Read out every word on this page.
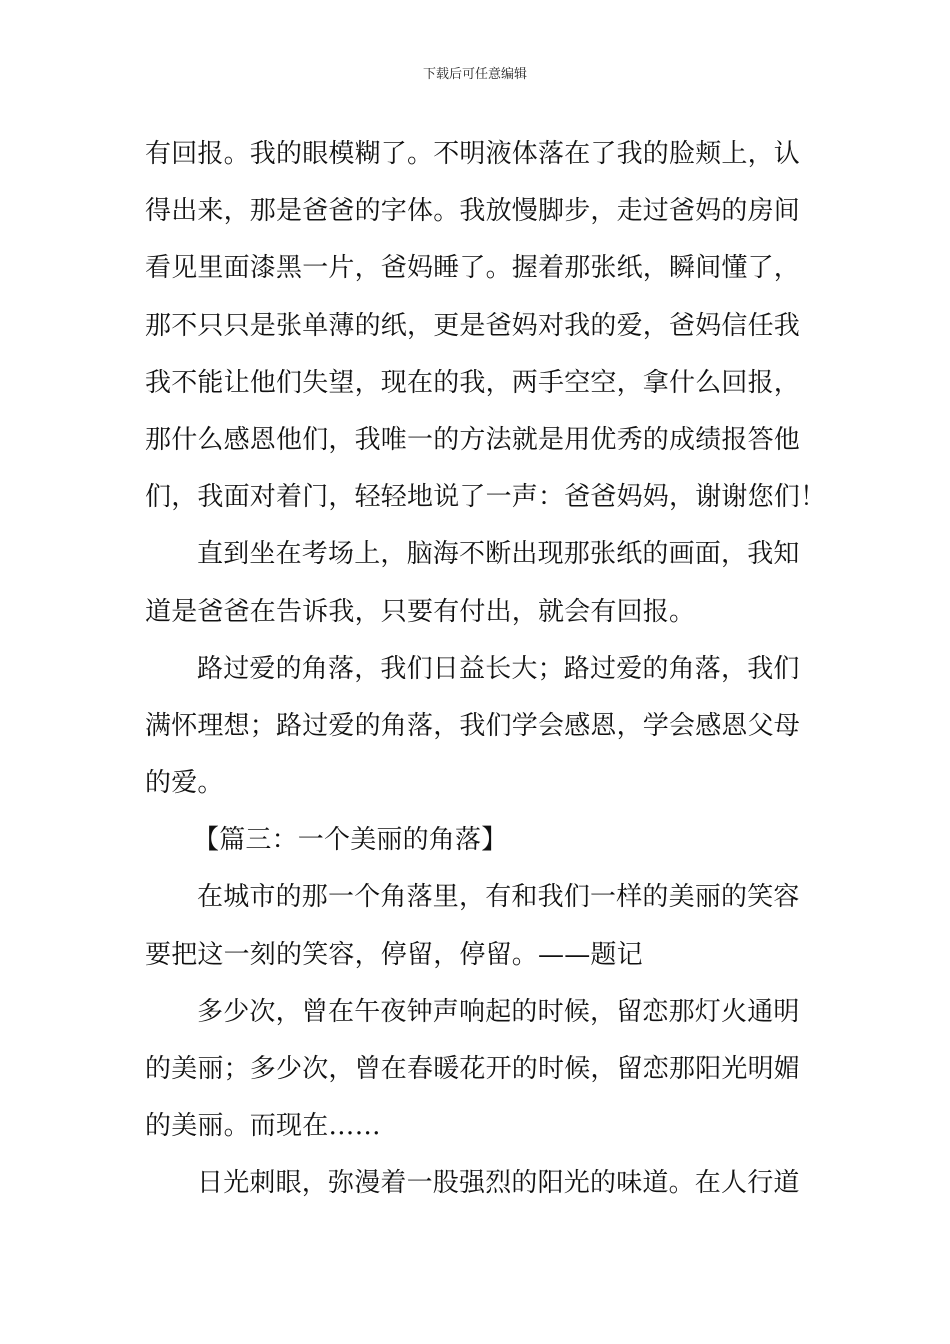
下载后可任意编辑
有回报。我的眼模糊了。不明液体落在了我的脸颊上，认
得出来，那是爸爸的字体。我放慢脚步，走过爸妈的房间
看见里面漆黑一片，爸妈睡了。握着那张纸，瞬间懂了，
那不只只是张单薄的纸，更是爸妈对我的爱，爸妈信任我
我不能让他们失望，现在的我，两手空空，拿什么回报，
那什么感恩他们，我唯一的方法就是用优秀的成绩报答他
们，我面对着门，轻轻地说了一声：爸爸妈妈，谢谢您们！
直到坐在考场上，脑海不断出现那张纸的画面，我知
道是爸爸在告诉我，只要有付出，就会有回报。
路过爱的角落，我们日益长大；路过爱的角落，我们
满怀理想；路过爱的角落，我们学会感恩，学会感恩父母
的爱。
【篇三：一个美丽的角落】
在城市的那一个角落里，有和我们一样的美丽的笑容
要把这一刻的笑容，停留，停留。——题记
多少次，曾在午夜钟声响起的时候，留恋那灯火通明
的美丽；多少次，曾在春暖花开的时候，留恋那阳光明媚
的美丽。而现在……
日光刺眼，弥漫着一股强烈的阳光的味道。在人行道
